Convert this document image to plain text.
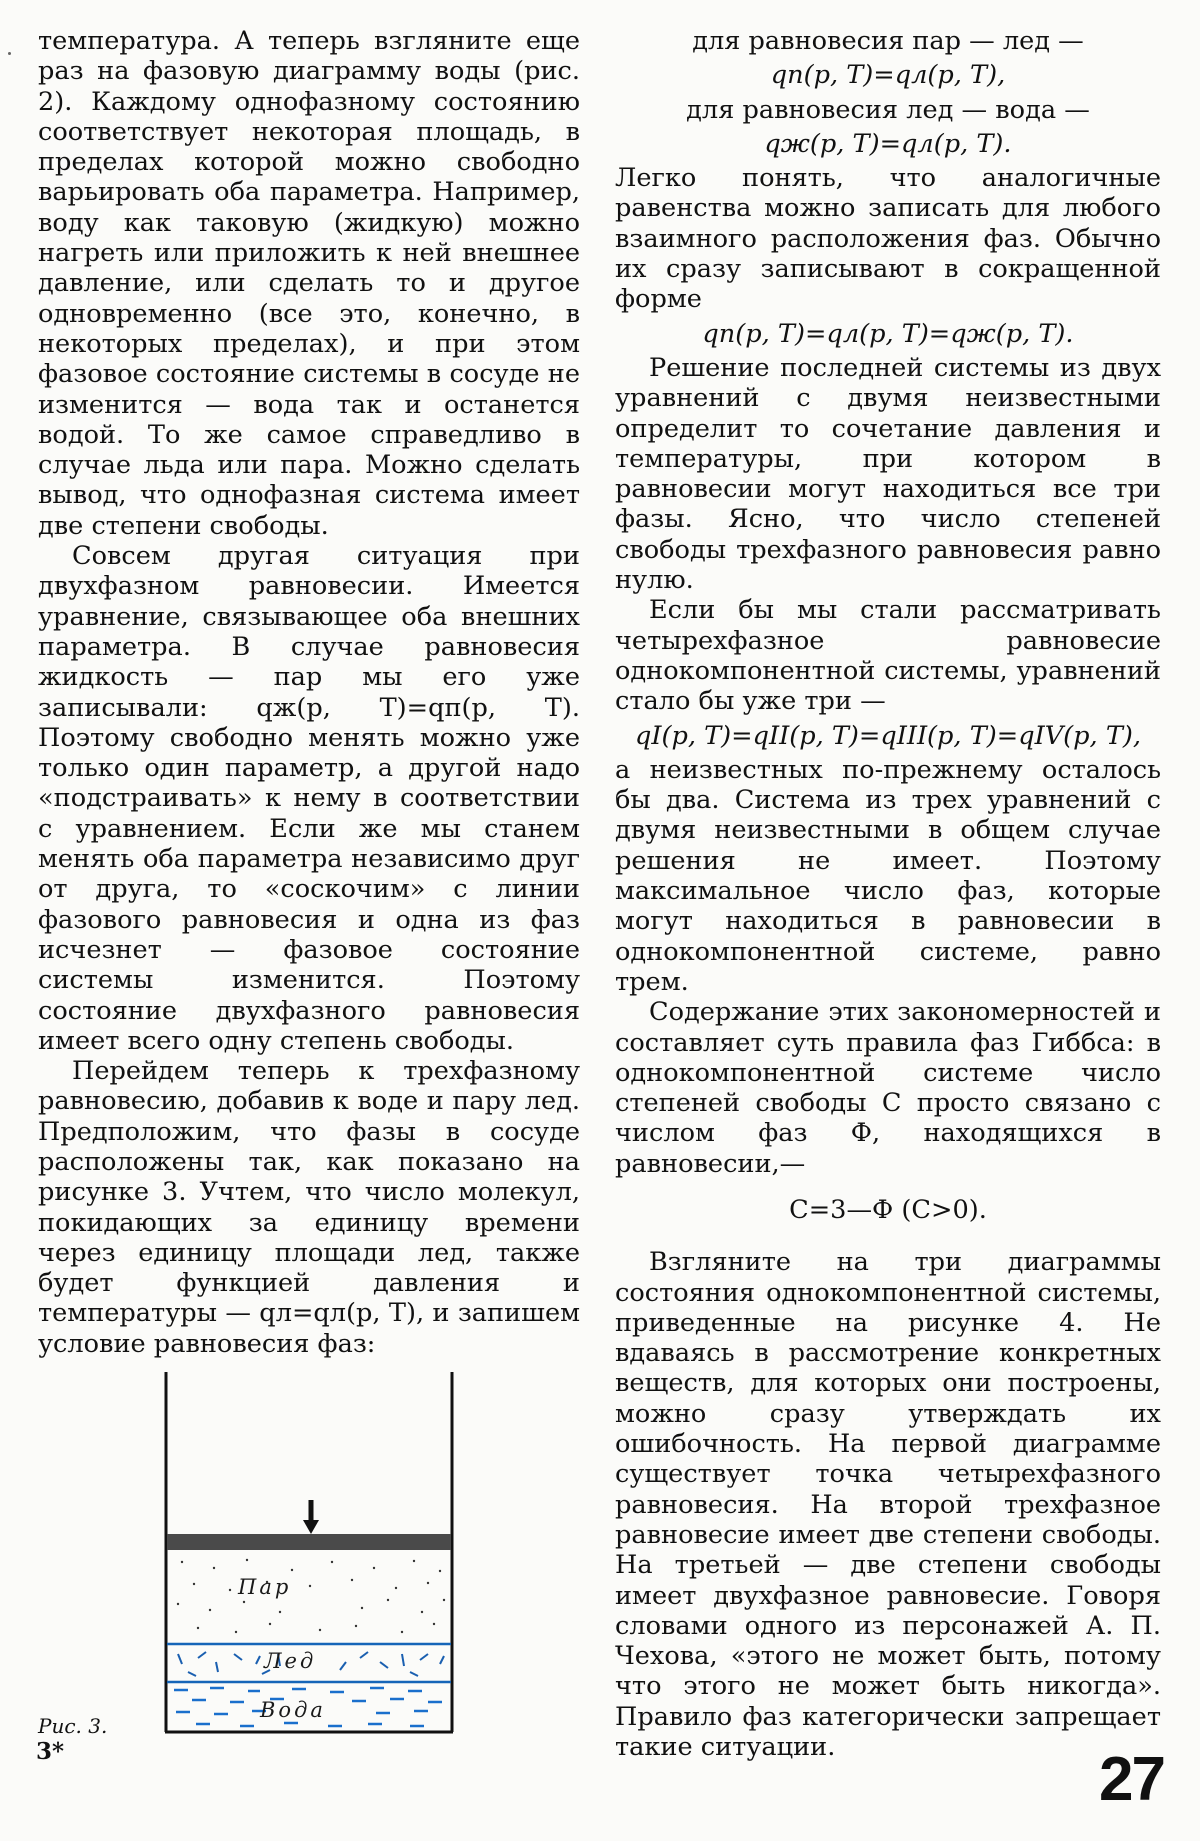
температура. А теперь взгляните еще раз на фазовую диаграмму воды (рис. 2). Каждому однофазному состоянию соответствует некоторая площадь, в пределах которой можно свободно варьировать оба параметра. Например, воду как таковую (жидкую) можно нагреть или приложить к ней внешнее давление, или сделать то и другое одновременно (все это, конечно, в некоторых пределах), и при этом фазовое состояние системы в сосуде не изменится — вода так и останется водой. То же самое справедливо в случае льда или пара. Можно сделать вывод, что однофазная система имеет две степени свободы.

Совсем другая ситуация при двухфазном равновесии. Имеется уравнение, связывающее оба внешних параметра. В случае равновесия жидкость — пар мы его уже записывали: qж(p, T)=qп(p, T). Поэтому свободно менять можно уже только один параметр, а другой надо «подстраивать» к нему в соответствии с уравнением. Если же мы станем менять оба параметра независимо друг от друга, то «соскочим» с линии фазового равновесия и одна из фаз исчезнет — фазовое состояние системы изменится. Поэтому состояние двухфазного равновесия имеет всего одну степень свободы.

Перейдем теперь к трехфазному равновесию, добавив к воде и пару лед. Предположим, что фазы в сосуде расположены так, как показано на рисунке 3. Учтем, что число молекул, покидающих за единицу времени через единицу площади лед, также будет функцией давления и температуры — qл=qл(p, T), и запишем условие равновесия фаз:

Пар
Лед
Вода
Рис. 3.
3*
для равновесия пар — лед —
qп(p, T)=qл(p, T),
для равновесия лед — вода —
qж(p, T)=qл(p, T).

Легко понять, что аналогичные равенства можно записать для любого взаимного расположения фаз. Обычно их сразу записывают в сокращенной форме

qп(p, T)=qл(p, T)=qж(p, T).

Решение последней системы из двух уравнений с двумя неизвестными определит то сочетание давления и температуры, при котором в равновесии могут находиться все три фазы. Ясно, что число степеней свободы трехфазного равновесия равно нулю.

Если бы мы стали рассматривать четырехфазное равновесие однокомпонентной системы, уравнений стало бы уже три —

qI(p, T)=qII(p, T)=qIII(p, T)=qIV(p, T),

а неизвестных по-прежнему осталось бы два. Система из трех уравнений с двумя неизвестными в общем случае решения не имеет. Поэтому максимальное число фаз, которые могут находиться в равновесии в однокомпонентной системе, равно трем.

Содержание этих закономерностей и составляет суть правила фаз Гиббса: в однокомпонентной системе число степеней свободы С просто связано с числом фаз Ф, находящихся в равновесии,—

С=3—Ф (С>0).

Взгляните на три диаграммы состояния однокомпонентной системы, приведенные на рисунке 4. Не вдаваясь в рассмотрение конкретных веществ, для которых они построены, можно сразу утверждать их ошибочность. На первой диаграмме существует точка четырехфазного равновесия. На второй трехфазное равновесие имеет две степени свободы. На третьей — две степени свободы имеет двухфазное равновесие. Говоря словами одного из персонажей А. П. Чехова, «этого не может быть, потому что этого не может быть никогда». Правило фаз категорически запрещает такие ситуации.	27
